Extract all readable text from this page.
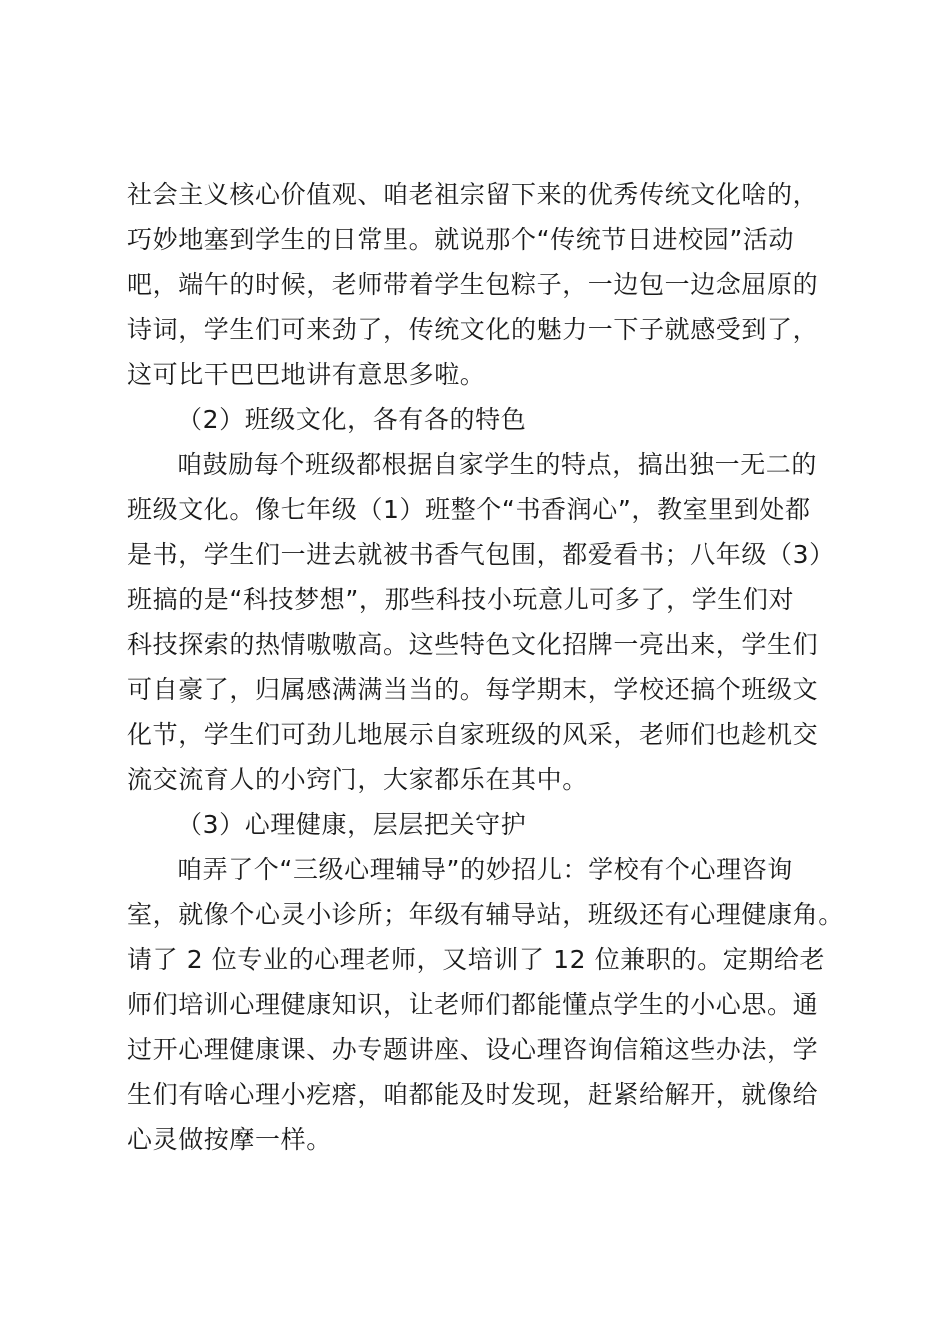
社会主义核心价值观、咱老祖宗留下来的优秀传统文化啥的，
巧妙地塞到学生的日常里。就说那个“传统节日进校园”活动
吧，端午的时候，老师带着学生包粽子，一边包一边念屈原的
诗词，学生们可来劲了，传统文化的魅力一下子就感受到了，
这可比干巴巴地讲有意思多啦。
（2）班级文化，各有各的特色
咱鼓励每个班级都根据自家学生的特点，搞出独一无二的
班级文化。像七年级（1）班整个“书香润心”，教室里到处都
是书，学生们一进去就被书香气包围，都爱看书；八年级（3）
班搞的是“科技梦想”，那些科技小玩意儿可多了，学生们对
科技探索的热情嗷嗷高。这些特色文化招牌一亮出来，学生们
可自豪了，归属感满满当当的。每学期末，学校还搞个班级文
化节，学生们可劲儿地展示自家班级的风采，老师们也趁机交
流交流育人的小窍门，大家都乐在其中。
（3）心理健康，层层把关守护
咱弄了个“三级心理辅导”的妙招儿：学校有个心理咨询
室，就像个心灵小诊所；年级有辅导站，班级还有心理健康角。
请了 2 位专业的心理老师，又培训了 12 位兼职的。定期给老
师们培训心理健康知识，让老师们都能懂点学生的小心思。通
过开心理健康课、办专题讲座、设心理咨询信箱这些办法，学
生们有啥心理小疙瘩，咱都能及时发现，赶紧给解开，就像给
心灵做按摩一样。
